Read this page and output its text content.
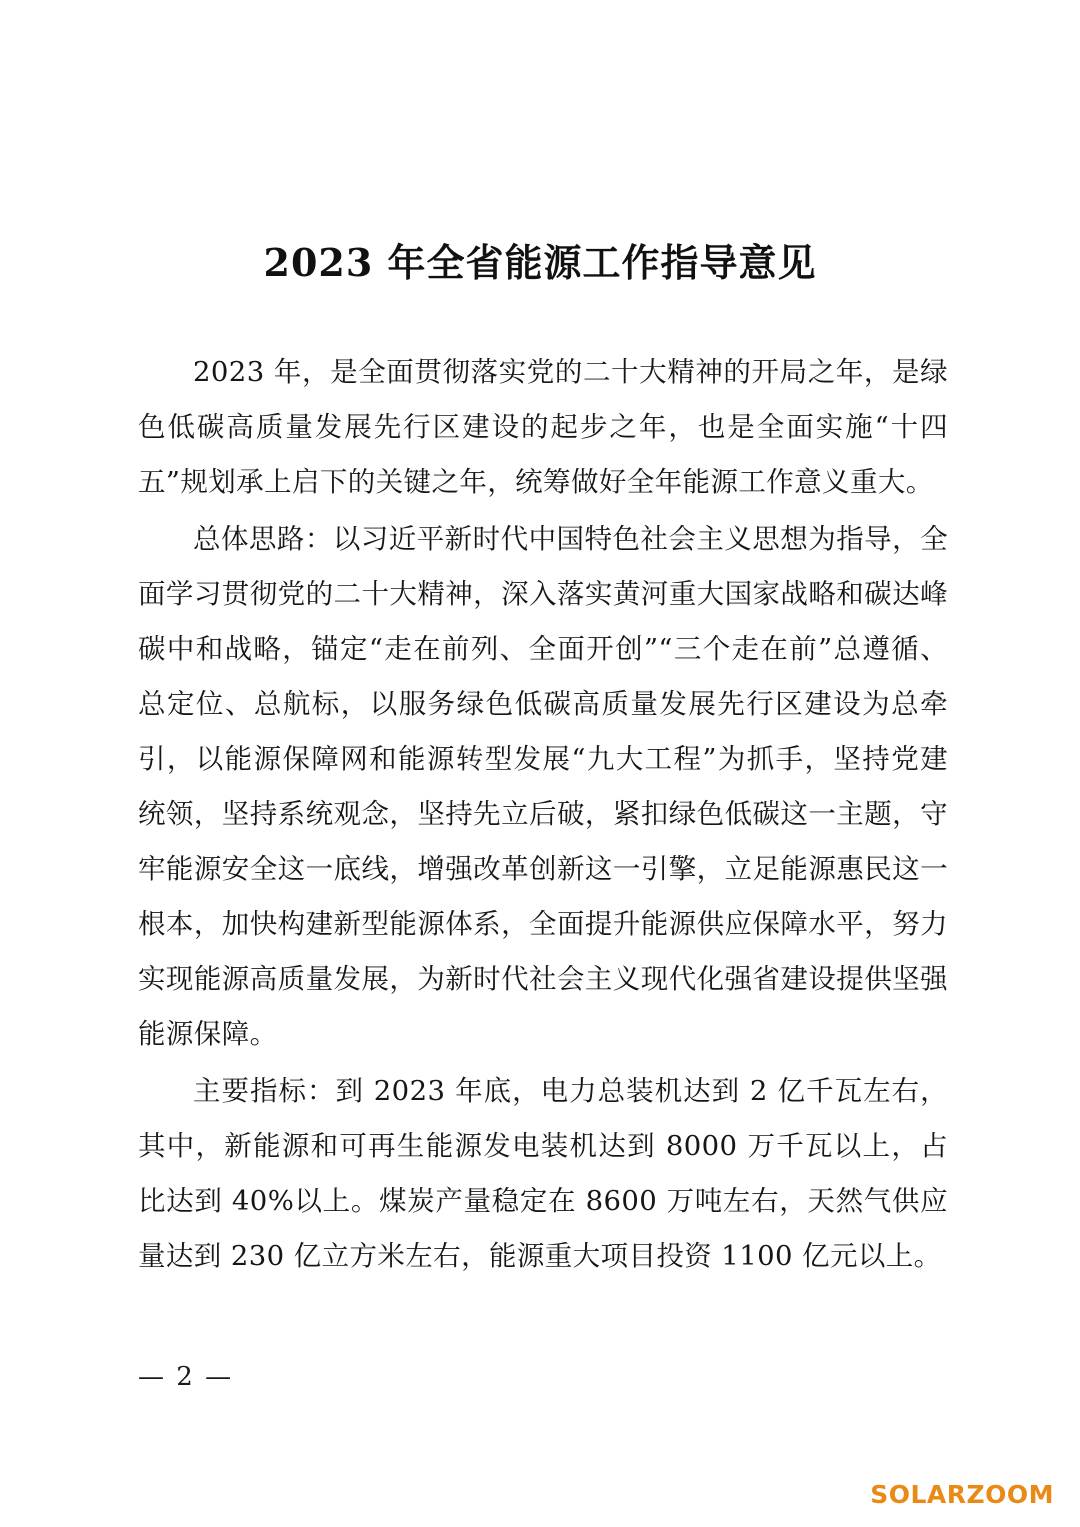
2023 年全省能源工作指导意见

2023 年，是全面贯彻落实党的二十大精神的开局之年，是绿色低碳高质量发展先行区建设的起步之年，也是全面实施“十四五”规划承上启下的关键之年，统筹做好全年能源工作意义重大。

总体思路：以习近平新时代中国特色社会主义思想为指导，全面学习贯彻党的二十大精神，深入落实黄河重大国家战略和碳达峰碳中和战略，锚定“走在前列、全面开创”“三个走在前”总遵循、总定位、总航标，以服务绿色低碳高质量发展先行区建设为总牵引，以能源保障网和能源转型发展“九大工程”为抓手，坚持党建统领，坚持系统观念，坚持先立后破，紧扣绿色低碳这一主题，守牢能源安全这一底线，增强改革创新这一引擎，立足能源惠民这一根本，加快构建新型能源体系，全面提升能源供应保障水平，努力实现能源高质量发展，为新时代社会主义现代化强省建设提供坚强能源保障。

主要指标：到 2023 年底，电力总装机达到 2 亿千瓦左右，其中，新能源和可再生能源发电装机达到 8000 万千瓦以上，占比达到 40%以上。煤炭产量稳定在 8600 万吨左右，天然气供应量达到 230 亿立方米左右，能源重大项目投资 1100 亿元以上。

— 2 —
SOLARZOOM
